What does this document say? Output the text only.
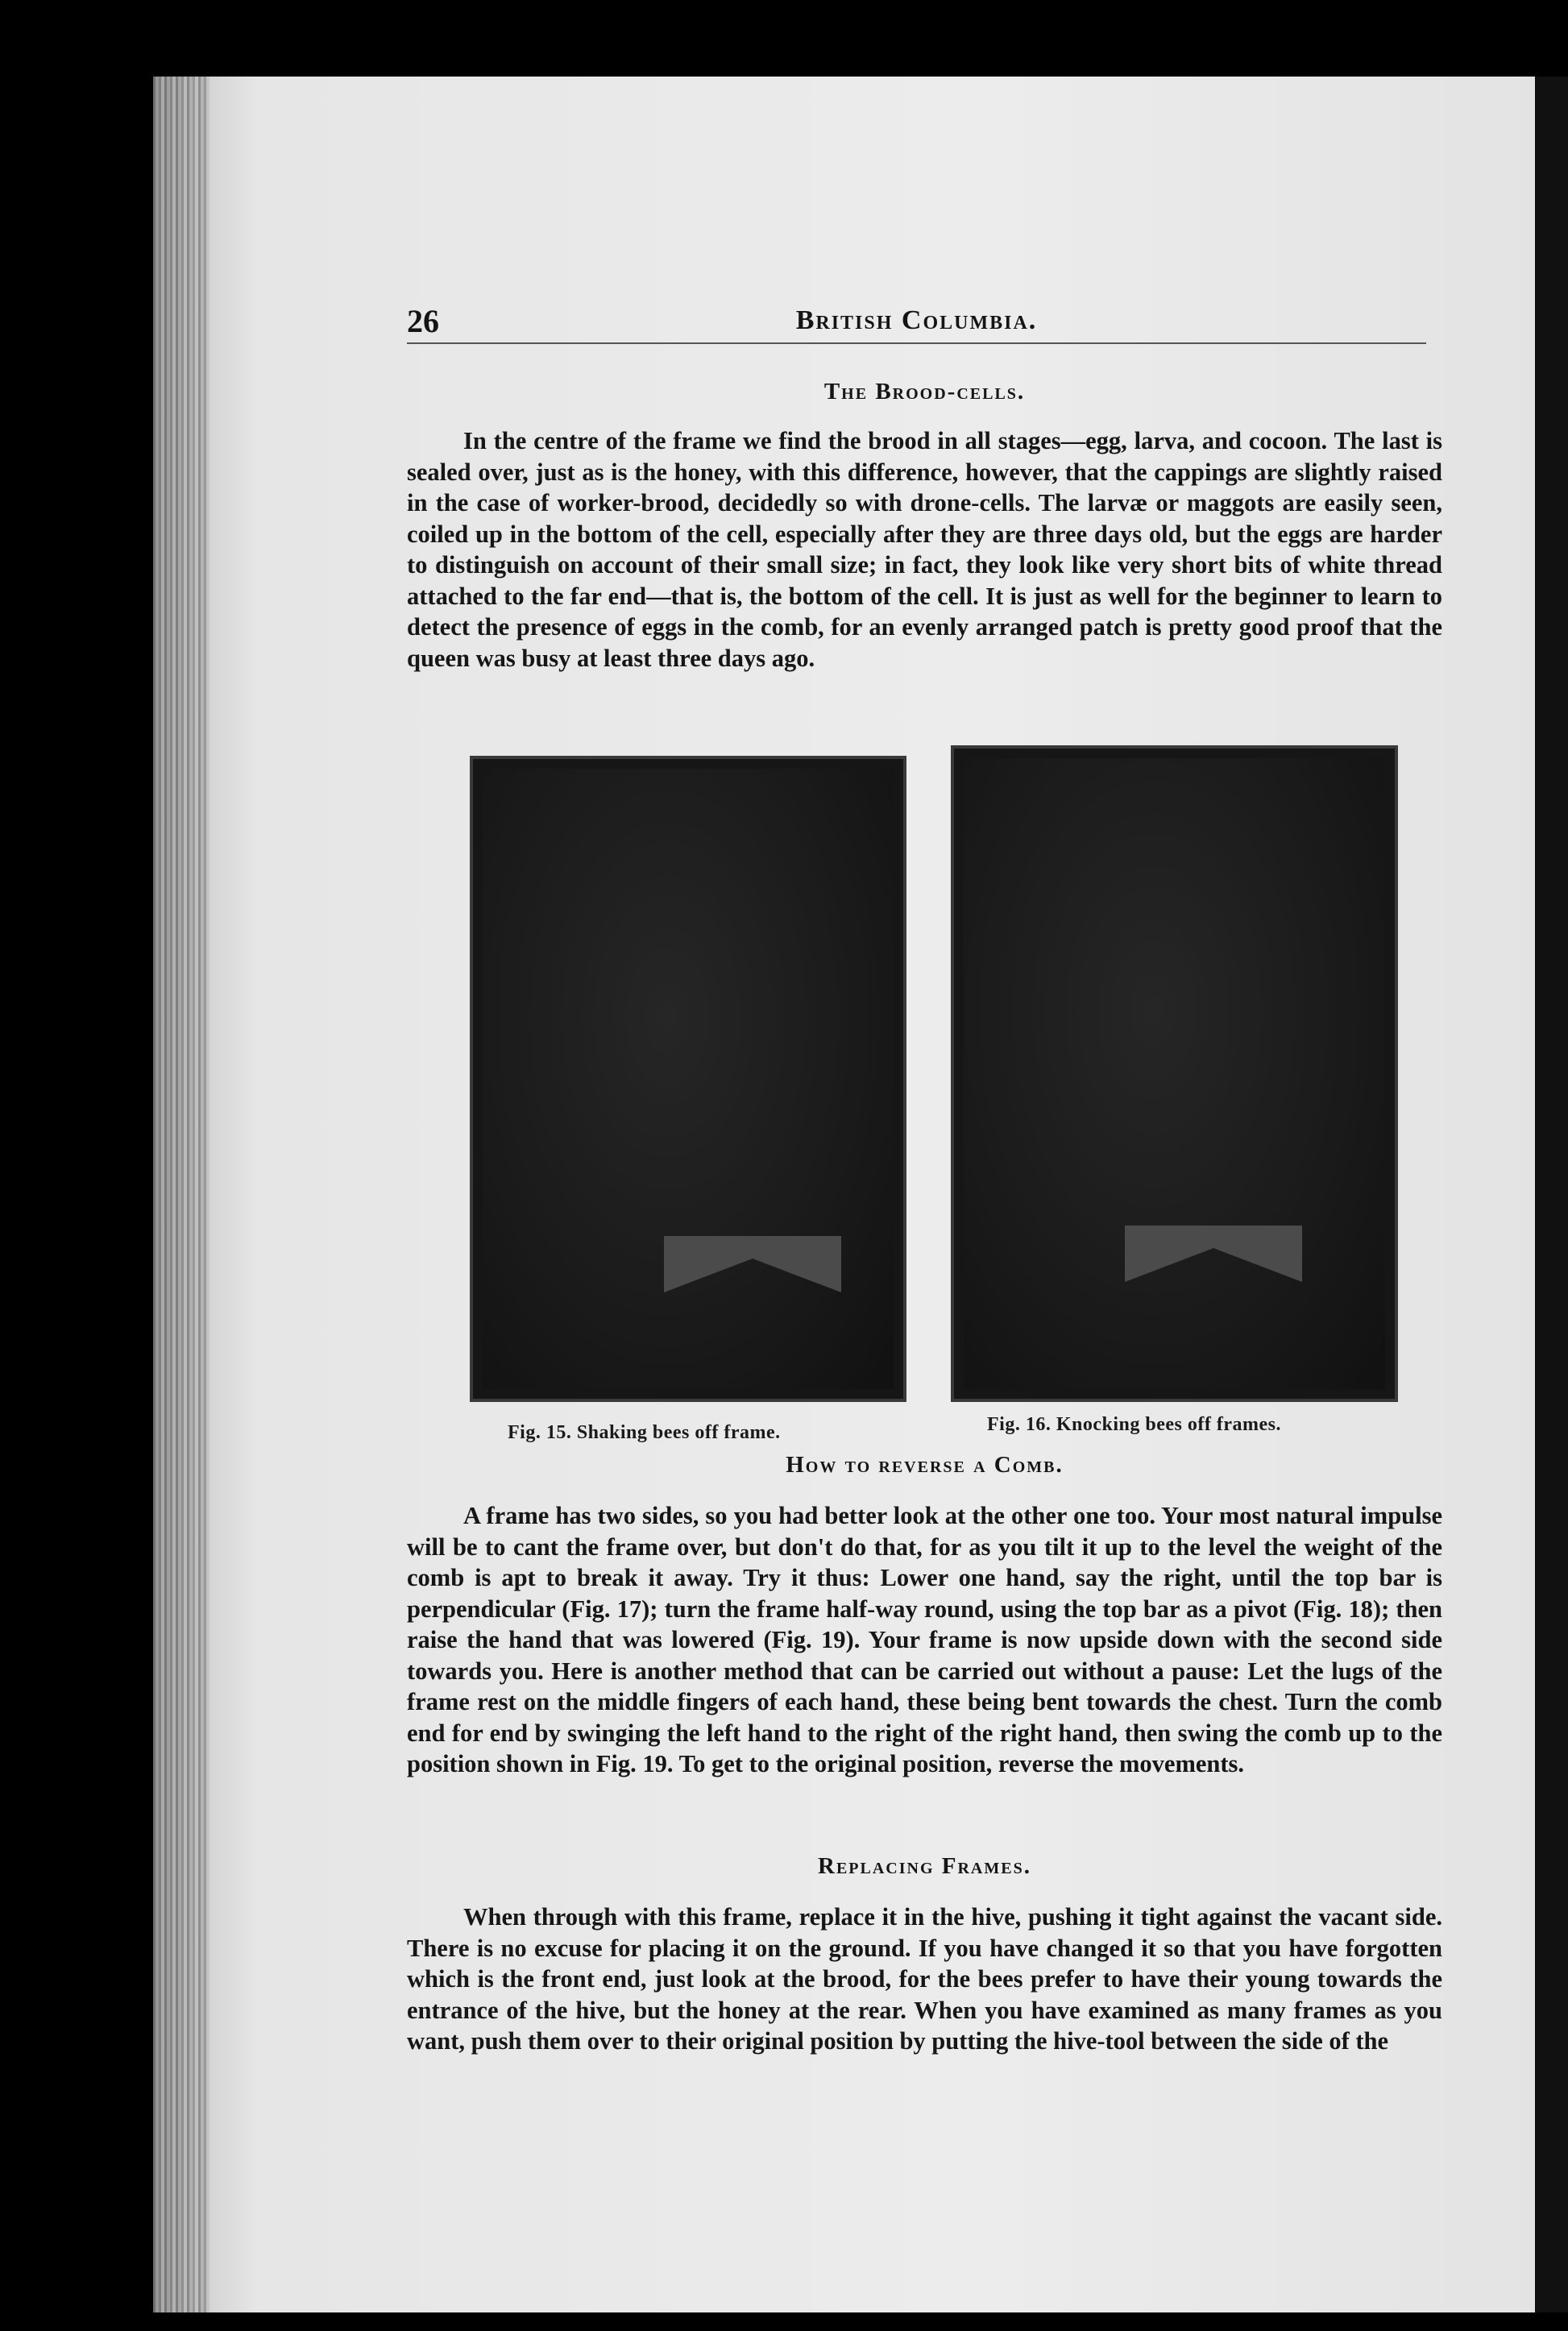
26	British Columbia.
The Brood-cells.

In the centre of the frame we find the brood in all stages—egg, larva, and cocoon. The last is sealed over, just as is the honey, with this difference, however, that the cappings are slightly raised in the case of worker-brood, decidedly so with drone-cells. The larvæ or maggots are easily seen, coiled up in the bottom of the cell, especially after they are three days old, but the eggs are harder to distinguish on account of their small size; in fact, they look like very short bits of white thread attached to the far end—that is, the bottom of the cell. It is just as well for the beginner to learn to detect the presence of eggs in the comb, for an evenly arranged patch is pretty good proof that the queen was busy at least three days ago.

Fig. 15. Shaking bees off frame.	Fig. 16. Knocking bees off frames.
How to reverse a Comb.

A frame has two sides, so you had better look at the other one too. Your most natural impulse will be to cant the frame over, but don't do that, for as you tilt it up to the level the weight of the comb is apt to break it away. Try it thus: Lower one hand, say the right, until the top bar is perpendicular (Fig. 17); turn the frame half-way round, using the top bar as a pivot (Fig. 18); then raise the hand that was lowered (Fig. 19). Your frame is now upside down with the second side towards you. Here is another method that can be carried out without a pause: Let the lugs of the frame rest on the middle fingers of each hand, these being bent towards the chest. Turn the comb end for end by swinging the left hand to the right of the right hand, then swing the comb up to the position shown in Fig. 19. To get to the original position, reverse the movements.

Replacing Frames.

When through with this frame, replace it in the hive, pushing it tight against the vacant side. There is no excuse for placing it on the ground. If you have changed it so that you have forgotten which is the front end, just look at the brood, for the bees prefer to have their young towards the entrance of the hive, but the honey at the rear. When you have examined as many frames as you want, push them over to their original position by putting the hive-tool between the side of the
